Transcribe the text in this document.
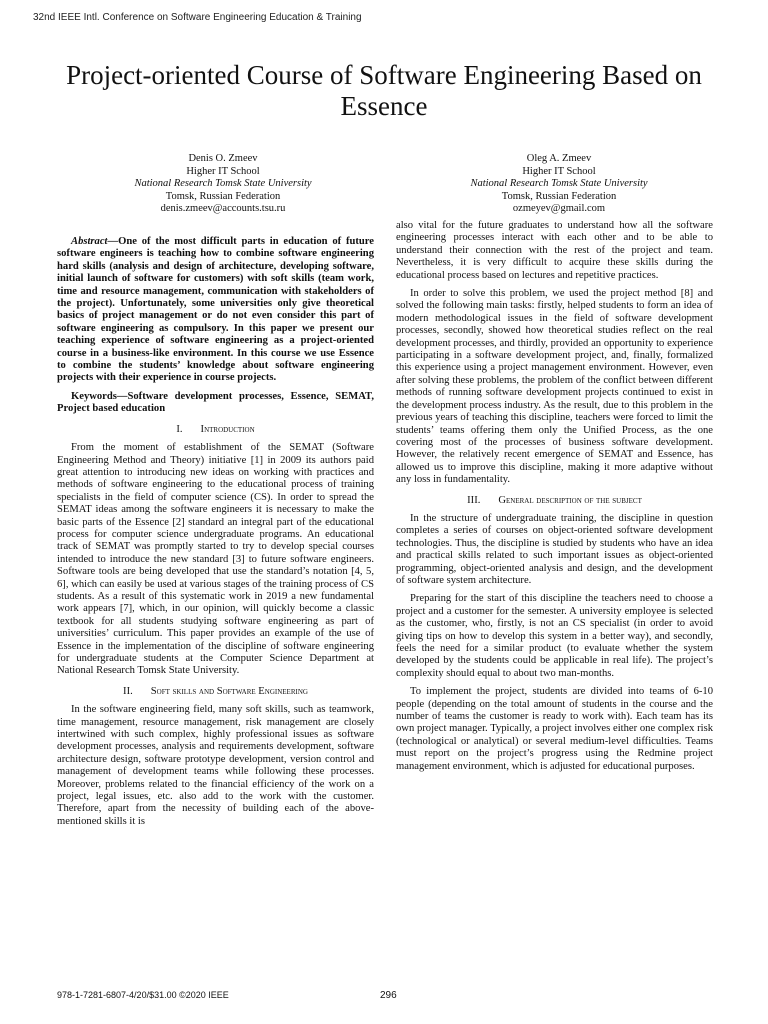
32nd IEEE Intl. Conference on Software Engineering Education & Training
Project-oriented Course of Software Engineering Based on Essence
Denis O. Zmeev
Higher IT School
National Research Tomsk State University
Tomsk, Russian Federation
denis.zmeev@accounts.tsu.ru
Oleg A. Zmeev
Higher IT School
National Research Tomsk State University
Tomsk, Russian Federation
ozmeyev@gmail.com

Abstract—One of the most difficult parts in education of future software engineers is teaching how to combine software engineering hard skills (analysis and design of architecture, developing software, initial launch of software for customers) with soft skills (team work, time and resource management, communication with stakeholders of the project). Unfortunately, some universities only give theoretical basics of project management or do not even consider this part of software engineering as compulsory. In this paper we present our teaching experience of software engineering as a project-oriented course in a business-like environment. In this course we use Essence to combine the students’ knowledge about software engineering projects with their experience in course projects.

Keywords—Software development processes, Essence, SEMAT, Project based education

I. Introduction

From the moment of establishment of the SEMAT (Software Engineering Method and Theory) initiative [1] in 2009 its authors paid great attention to introducing new ideas on working with practices and methods of software engineering to the educational process of training specialists in the field of computer science (CS). In order to spread the SEMAT ideas among the software engineers it is necessary to make the basic parts of the Essence [2] standard an integral part of the educational process for computer science undergraduate programs. An educational track of SEMAT was promptly started to try to develop special courses intended to introduce the new standard [3] to future software engineers. Software tools are being developed that use the standard’s notation [4, 5, 6], which can easily be used at various stages of the training process of CS students. As a result of this systematic work in 2019 a new fundamental work appears [7], which, in our opinion, will quickly become a classic textbook for all students studying software engineering as part of universities’ curriculum. This paper provides an example of the use of Essence in the implementation of the discipline of software engineering for undergraduate students at the Computer Science Department at National Research Tomsk State University.

II. Soft skills and Software Engineering

In the software engineering field, many soft skills, such as teamwork, time management, resource management, risk management are closely intertwined with such complex, highly professional issues as software development processes, analysis and requirements development, software architecture design, software prototype development, version control and management of development teams while following these processes. Moreover, problems related to the financial efficiency of the work on a project, legal issues, etc. also add to the work with the customer. Therefore, apart from the necessity of building each of the above-mentioned skills it is

also vital for the future graduates to understand how all the software engineering processes interact with each other and to be able to understand their connection with the rest of the project and team. Nevertheless, it is very difficult to acquire these skills during the educational process based on lectures and repetitive practices.

In order to solve this problem, we used the project method [8] and solved the following main tasks: firstly, helped students to form an idea of modern methodological issues in the field of software development processes, secondly, showed how theoretical studies reflect on the real development processes, and thirdly, provided an opportunity to experience participating in a software development project, and, finally, formalized this experience using a project management environment. However, even after solving these problems, the problem of the conflict between different methods of running software development projects continued to exist in the development process industry. As the result, due to this problem in the previous years of teaching this discipline, teachers were forced to limit the students’ teams offering them only the Unified Process, as the one covering most of the processes of business software development. However, the relatively recent emergence of SEMAT and Essence, has allowed us to improve this discipline, making it more adaptive without any loss in fundamentality.

III. General description of the subject

In the structure of undergraduate training, the discipline in question completes a series of courses on object-oriented software development technologies. Thus, the discipline is studied by students who have an idea and practical skills related to such important issues as object-oriented programming, object-oriented analysis and design, and the development of software system architecture.

Preparing for the start of this discipline the teachers need to choose a project and a customer for the semester. A university employee is selected as the customer, who, firstly, is not an CS specialist (in order to avoid giving tips on how to develop this system in a better way), and secondly, feels the need for a similar product (to evaluate whether the system developed by the students could be applicable in real life). The project’s complexity should equal to about two man-months.

To implement the project, students are divided into teams of 6-10 people (depending on the total amount of students in the course and the number of teams the customer is ready to work with). Each team has its own project manager. Typically, a project involves either one complex risk (technological or analytical) or several medium-level difficulties. Teams must report on the project’s progress using the Redmine project management environment, which is adjusted for educational purposes.

978-1-7281-6807-4/20/$31.00 ©2020 IEEE	296
